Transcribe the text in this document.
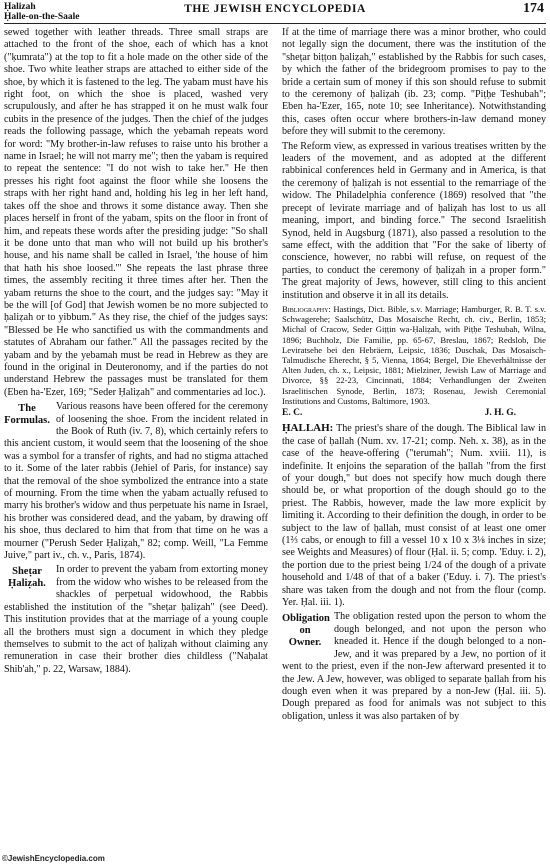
Ḥalizah
Ḥalle-on-the-Saale
THE JEWISH ENCYCLOPEDIA	174

sewed together with leather threads. Three small straps are attached to the front of the shoe, each of which has a knot ("ḳumrata") at the top to fit a hole made on the other side of the shoe. Two white leather straps are attached to either side of the shoe, by which it is fastened to the leg. The yabam must have his right foot, on which the shoe is placed, washed very scrupulously, and after he has strapped it on he must walk four cubits in the presence of the judges. Then the chief of the judges reads the following passage, which the yebamah repeats word for word: "My brother-in-law refuses to raise unto his brother a name in Israel; he will not marry me"; then the yabam is required to repeat the sentence: "I do not wish to take her." He then presses his right foot against the floor while she loosens the straps with her right hand and, holding his leg in her left hand, takes off the shoe and throws it some distance away. Then she places herself in front of the yabam, spits on the floor in front of him, and repeats these words after the presiding judge: "So shall it be done unto that man who will not build up his brother's house, and his name shall be called in Israel, 'the house of him that hath his shoe loosed.'" She repeats the last phrase three times, the assembly reciting it three times after her. Then the yabam returns the shoe to the court, and the judges say: "May it be the will [of God] that Jewish women be no more subjected to ḥaliẓah or to yibbum." As they rise, the chief of the judges says: "Blessed be He who sanctified us with the commandments and statutes of Abraham our father." All the passages recited by the yabam and by the yebamah must be read in Hebrew as they are found in the original in Deuteronomy, and if the parties do not understand Hebrew the passages must be translated for them (Eben ha-'Ezer, 169; "Seder Ḥaliẓah" and commentaries ad loc.).

The Formulas.

Various reasons have been offered for the ceremony of loosening the shoe. From the incident related in the Book of Ruth (iv. 7, 8), which certainly refers to this ancient custom, it would seem that the loosening of the shoe was a symbol for a transfer of rights, and had no stigma attached to it. Some of the later rabbis (Jehiel of Paris, for instance) say that the removal of the shoe symbolized the entrance into a state of mourning. From the time when the yabam actually refused to marry his brother's widow and thus perpetuate his name in Israel, his brother was considered dead, and the yabam, by drawing off his shoe, thus declared to him that from that time on he was a mourner ("Perush Seder Ḥaliẓah," 82; comp. Weill, "La Femme Juive," part iv., ch. v., Paris, 1874).

Sheṭar Ḥaliẓah.

In order to prevent the yabam from extorting money from the widow who wishes to be released from the shackles of perpetual widowhood, the Rabbis established the institution of the "sheṭar ḥaliẓah" (see Deed). This institution provides that at the marriage of a young couple all the brothers must sign a document in which they pledge themselves to submit to the act of ḥaliẓah without claiming any remuneration in case their brother dies childless ("Naḥalat Shib'ah," p. 22, Warsaw, 1884).

If at the time of marriage there was a minor brother, who could not legally sign the document, there was the institution of the "sheṭar biṭṭon ḥaliẓah," established by the Rabbis for such cases, by which the father of the bridegroom promises to pay to the bride a certain sum of money if this son should refuse to submit to the ceremony of ḥaliẓah (ib. 23; comp. "Piṭḥe Teshubah"; Eben ha-'Ezer, 165, note 10; see Inheritance). Notwithstanding this, cases often occur where brothers-in-law demand money before they will submit to the ceremony.

The Reform view, as expressed in various treatises written by the leaders of the movement, and as adopted at the different rabbinical conferences held in Germany and in America, is that the ceremony of ḥaliẓah is not essential to the remarriage of the widow. The Philadelphia conference (1869) resolved that "the precept of levirate marriage and of ḥaliẓah has lost to us all meaning, import, and binding force." The second Israelitish Synod, held in Augsburg (1871), also passed a resolution to the same effect, with the addition that "For the sake of liberty of conscience, however, no rabbi will refuse, on request of the parties, to conduct the ceremony of ḥaliẓah in a proper form." The great majority of Jews, however, still cling to this ancient institution and observe it in all its details.

Bibliography: Hastings, Dict. Bible, s.v. Marriage; Hamburger, R. B. T. s.v. Schwagerehe; Saalschütz, Das Mosaische Recht, ch. civ., Berlin, 1853; Michal of Cracow, Seder Giṭṭin wa-Ḥaliẓah, with Piṭḥe Teshubah, Wilna, 1896; Buchholz, Die Familie, pp. 65-67, Breslau, 1867; Redslob, Die Leviratsehe bei den Hebräern, Leipsic, 1836; Duschak, Das Mosaisch-Talmudische Eherecht, § 5, Vienna, 1864; Bergel, Die Eheverhältnisse der Alten Juden, ch. x., Leipsic, 1881; Mielziner, Jewish Law of Marriage and Divorce, §§ 22-23, Cincinnati, 1884; Verhandlungen der Zweiten Israelitischen Synode, Berlin, 1873; Rosenau, Jewish Ceremonial Institutions and Customs, Baltimore, 1903.
E. C.	J. H. G.

ḤALLAH: The priest's share of the dough. The Biblical law in the case of ḥallah (Num. xv. 17-21; comp. Neh. x. 38), as in the case of the heave-offering ("terumah"; Num. xviii. 11), is indefinite. It enjoins the separation of the ḥallah "from the first of your dough," but does not specify how much dough there should be, or what proportion of the dough should go to the priest. The Rabbis, however, made the law more explicit by limiting it. According to their definition the dough, in order to be subject to the law of ḥallah, must consist of at least one omer (1⅔ cabs, or enough to fill a vessel 10 x 10 x 3⅛ inches in size; see Weights and Measures) of flour (Ḥal. ii. 5; comp. 'Eduy. i. 2), the portion due to the priest being 1/24 of the dough of a private household and 1/48 of that of a baker ('Eduy. i. 7). The priest's share was taken from the dough and not from the flour (comp. Yer. Ḥal. iii. 1).

Obligation on Owner.

The obligation rested upon the person to whom the dough belonged, and not upon the person who kneaded it. Hence if the dough belonged to a non-Jew, and it was prepared by a Jew, no portion of it went to the priest, even if the non-Jew afterward presented it to the Jew. A Jew, however, was obliged to separate ḥallah from his dough even when it was prepared by a non-Jew (Ḥal. iii. 5). Dough prepared as food for animals was not subject to this obligation, unless it was also partaken of by

©JewishEncyclopedia.com
